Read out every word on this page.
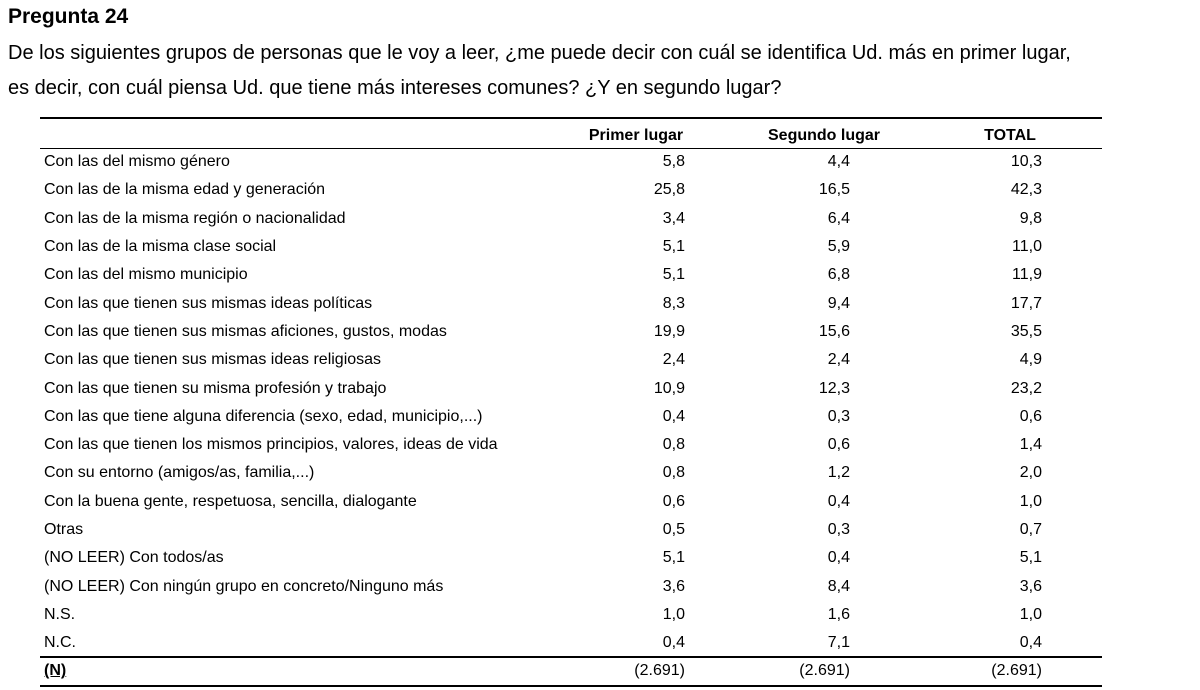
Pregunta 24
De los siguientes grupos de personas que le voy a leer, ¿me puede decir con cuál se identifica Ud. más en primer lugar,
es decir, con cuál piensa Ud. que tiene más intereses comunes? ¿Y en segundo lugar?
	Primer lugar	Segundo lugar	TOTAL
Con las del mismo género	5,8	4,4	10,3
Con las de la misma edad y generación	25,8	16,5	42,3
Con las de la misma región o nacionalidad	3,4	6,4	9,8
Con las de la misma clase social	5,1	5,9	11,0
Con las del mismo municipio	5,1	6,8	11,9
Con las que tienen sus mismas ideas políticas	8,3	9,4	17,7
Con las que tienen sus mismas aficiones, gustos, modas	19,9	15,6	35,5
Con las que tienen sus mismas ideas religiosas	2,4	2,4	4,9
Con las que tienen su misma profesión y trabajo	10,9	12,3	23,2
Con las que tiene alguna diferencia (sexo, edad, municipio,...)	0,4	0,3	0,6
Con las que tienen los mismos principios, valores, ideas de vida	0,8	0,6	1,4
Con su entorno (amigos/as, familia,...)	0,8	1,2	2,0
Con la buena gente, respetuosa, sencilla, dialogante	0,6	0,4	1,0
Otras	0,5	0,3	0,7
(NO LEER) Con todos/as	5,1	0,4	5,1
(NO LEER) Con ningún grupo en concreto/Ninguno más	3,6	8,4	3,6
N.S.	1,0	1,6	1,0
N.C.	0,4	7,1	0,4
(N)	(2.691)	(2.691)	(2.691)
